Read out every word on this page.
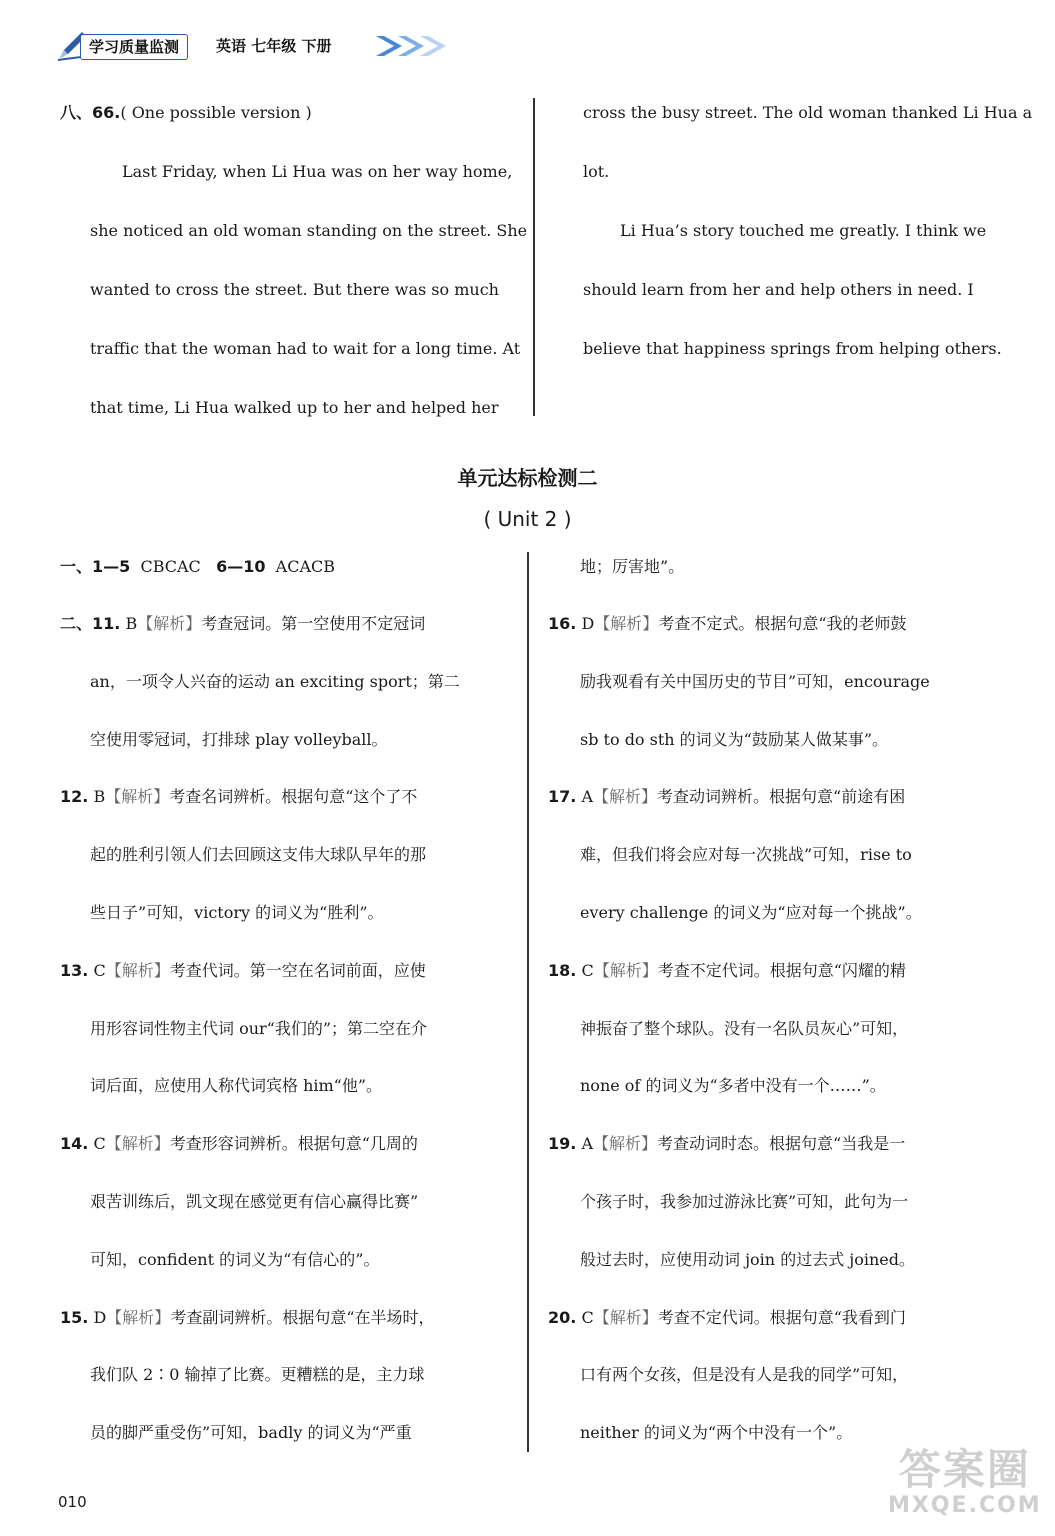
学习质量监测	英语 七年级 下册
八、66.( One possible version )
Last Friday, when Li Hua was on her way home,
she noticed an old woman standing on the street. She
wanted to cross the street. But there was so much
traffic that the woman had to wait for a long time. At
that time, Li Hua walked up to her and helped her
cross the busy street. The old woman thanked Li Hua a
lot.
Li Hua’s story touched me greatly. I think we
should learn from her and help others in need. I
believe that happiness springs from helping others.
单元达标检测二
( Unit 2 )
一、1—5 CBCAC 6—10 ACACB
二、11. B【解析】考查冠词。第一空使用不定冠词
an，一项令人兴奋的运动 an exciting sport；第二
空使用零冠词，打排球 play volleyball。
12. B【解析】考查名词辨析。根据句意“这个了不
起的胜利引领人们去回顾这支伟大球队早年的那
些日子”可知，victory 的词义为“胜利”。
13. C【解析】考查代词。第一空在名词前面，应使
用形容词性物主代词 our“我们的”；第二空在介
词后面，应使用人称代词宾格 him“他”。
14. C【解析】考查形容词辨析。根据句意“几周的
艰苦训练后，凯文现在感觉更有信心赢得比赛”
可知，confident 的词义为“有信心的”。
15. D【解析】考查副词辨析。根据句意“在半场时，
我们队 2∶0 输掉了比赛。更糟糕的是，主力球
员的脚严重受伤”可知，badly 的词义为“严重
地；厉害地”。
16. D【解析】考查不定式。根据句意“我的老师鼓
励我观看有关中国历史的节目”可知，encourage
sb to do sth 的词义为“鼓励某人做某事”。
17. A【解析】考查动词辨析。根据句意“前途有困
难，但我们将会应对每一次挑战”可知，rise to
every challenge 的词义为“应对每一个挑战”。
18. C【解析】考查不定代词。根据句意“闪耀的精
神振奋了整个球队。没有一名队员灰心”可知，
none of 的词义为“多者中没有一个……”。
19. A【解析】考查动词时态。根据句意“当我是一
个孩子时，我参加过游泳比赛”可知，此句为一
般过去时，应使用动词 join 的过去式 joined。
20. C【解析】考查不定代词。根据句意“我看到门
口有两个女孩，但是没有人是我的同学”可知，
neither 的词义为“两个中没有一个”。
010
答案圈
MXQE.COM
